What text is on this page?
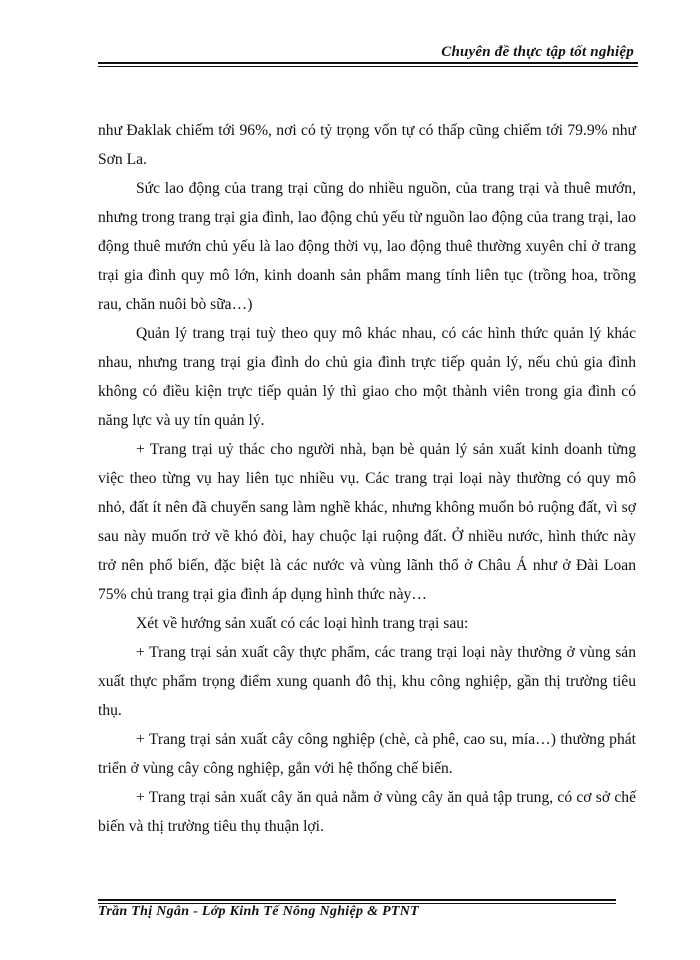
Chuyên đề thực tập tốt nghiệp

như Đaklak chiếm tới 96%, nơi có tỷ trọng vốn tự có thấp cũng chiếm tới 79.9% như Sơn La.

Sức lao động của trang trại cũng do nhiều nguồn, của trang trại và thuê mướn, nhưng trong trang trại gia đình, lao động chủ yếu từ nguồn lao động của trang trại, lao động thuê mướn chủ yếu là lao động thời vụ, lao động thuê thường xuyên chỉ ở trang trại gia đình quy mô lớn, kinh doanh sản phẩm mang tính liên tục (trồng hoa, trồng rau, chăn nuôi bò sữa…)

Quản lý trang trại tuỳ theo quy mô khác nhau, có các hình thức quản lý khác nhau, nhưng trang trại gia đình do chủ gia đình trực tiếp quản lý, nếu chủ gia đình không có điều kiện trực tiếp quản lý thì giao cho một thành viên trong gia đình có năng lực và uy tín quản lý.

+ Trang trại uỷ thác cho người nhà, bạn bè quản lý sản xuất kinh doanh từng việc theo từng vụ hay liên tục nhiều vụ. Các trang trại loại này thường có quy mô nhỏ, đất ít nên đã chuyển sang làm nghề khác, nhưng không muốn bỏ ruộng đất, vì sợ sau này muốn trở về khó đòi, hay chuộc lại ruộng đất. Ở nhiều nước, hình thức này trở nên phổ biến, đặc biệt là các nước và vùng lãnh thổ ở Châu Á như ở Đài Loan 75% chủ trang trại gia đình áp dụng hình thức này…

Xét về hướng sản xuất có các loại hình trang trại sau:

+ Trang trại sản xuất cây thực phẩm, các trang trại loại này thường ở vùng sản xuất thực phẩm trọng điểm xung quanh đô thị, khu công nghiệp, gần thị trường tiêu thụ.

+ Trang trại sản xuất cây công nghiệp (chè, cà phê, cao su, mía…) thường phát triển ở vùng cây công nghiệp, gắn với hệ thống chế biến.

+ Trang trại sản xuất cây ăn quả nằm ở vùng cây ăn quả tập trung, có cơ sở chế biến và thị trường tiêu thụ thuận lợi.

Trần Thị Ngân - Lớp Kinh Tế Nông Nghiệp & PTNT
